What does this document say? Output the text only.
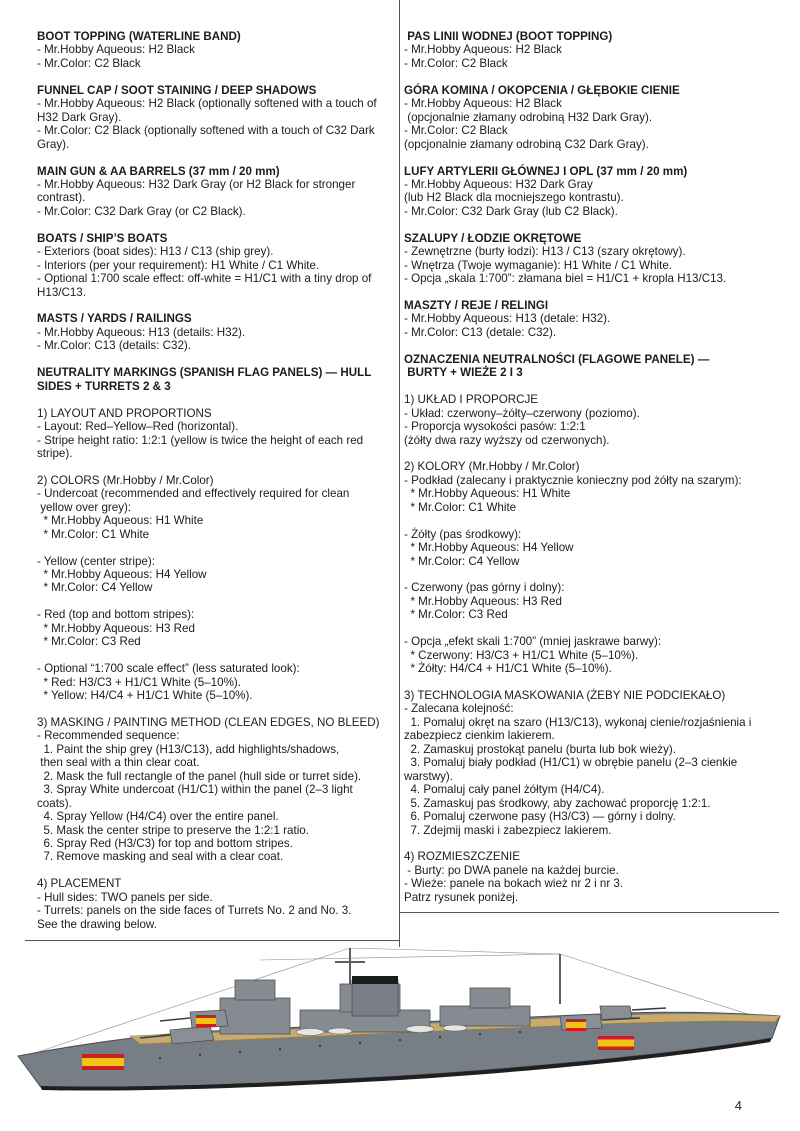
BOOT TOPPING (WATERLINE BAND)
- Mr.Hobby Aqueous: H2 Black
- Mr.Color: C2 Black
FUNNEL CAP / SOOT STAINING / DEEP SHADOWS
- Mr.Hobby Aqueous: H2 Black (optionally softened with a touch of
H32 Dark Gray).
- Mr.Color: C2 Black (optionally softened with a touch of C32 Dark
Gray).
MAIN GUN & AA BARRELS (37 mm / 20 mm)
- Mr.Hobby Aqueous: H32 Dark Gray (or H2 Black for stronger
contrast).
- Mr.Color: C32 Dark Gray (or C2 Black).
BOATS / SHIP’S BOATS
- Exteriors (boat sides): H13 / C13 (ship grey).
- Interiors (per your requirement): H1 White / C1 White.
- Optional 1:700 scale effect: off-white = H1/C1 with a tiny drop of
H13/C13.
MASTS / YARDS / RAILINGS
- Mr.Hobby Aqueous: H13 (details: H32).
- Mr.Color: C13 (details: C32).
NEUTRALITY MARKINGS (SPANISH FLAG PANELS) — HULL
SIDES + TURRETS 2 & 3
1) LAYOUT AND PROPORTIONS
- Layout: Red–Yellow–Red (horizontal).
- Stripe height ratio: 1:2:1 (yellow is twice the height of each red
stripe).
2) COLORS (Mr.Hobby / Mr.Color)
- Undercoat (recommended and effectively required for clean
yellow over grey):
* Mr.Hobby Aqueous: H1 White
* Mr.Color: C1 White
- Yellow (center stripe):
* Mr.Hobby Aqueous: H4 Yellow
* Mr.Color: C4 Yellow
- Red (top and bottom stripes):
* Mr.Hobby Aqueous: H3 Red
* Mr.Color: C3 Red
- Optional “1:700 scale effect” (less saturated look):
* Red: H3/C3 + H1/C1 White (5–10%).
* Yellow: H4/C4 + H1/C1 White (5–10%).
3) MASKING / PAINTING METHOD (CLEAN EDGES, NO BLEED)
- Recommended sequence:
1. Paint the ship grey (H13/C13), add highlights/shadows,
then seal with a thin clear coat.
2. Mask the full rectangle of the panel (hull side or turret side).
3. Spray White undercoat (H1/C1) within the panel (2–3 light
coats).
4. Spray Yellow (H4/C4) over the entire panel.
5. Mask the center stripe to preserve the 1:2:1 ratio.
6. Spray Red (H3/C3) for top and bottom stripes.
7. Remove masking and seal with a clear coat.
4) PLACEMENT
- Hull sides: TWO panels per side.
- Turrets: panels on the side faces of Turrets No. 2 and No. 3.
See the drawing below.
PAS LINII WODNEJ (BOOT TOPPING)
- Mr.Hobby Aqueous: H2 Black
- Mr.Color: C2 Black
GÓRA KOMINA / OKOPCENIA / GŁĘBOKIE CIENIE
- Mr.Hobby Aqueous: H2 Black
(opcjonalnie złamany odrobiną H32 Dark Gray).
- Mr.Color: C2 Black
(opcjonalnie złamany odrobiną C32 Dark Gray).
LUFY ARTYLERII GŁÓWNEJ I OPL (37 mm / 20 mm)
- Mr.Hobby Aqueous: H32 Dark Gray
(lub H2 Black dla mocniejszego kontrastu).
- Mr.Color: C32 Dark Gray (lub C2 Black).
SZALUPY / ŁODZIE OKRĘTOWE
- Zewnętrzne (burty łodzi): H13 / C13 (szary okrętowy).
- Wnętrza (Twoje wymaganie): H1 White / C1 White.
- Opcja „skala 1:700”: złamana biel = H1/C1 + kropla H13/C13.
MASZTY / REJE / RELINGI
- Mr.Hobby Aqueous: H13 (detale: H32).
- Mr.Color: C13 (detale: C32).
OZNACZENIA NEUTRALNOŚCI (FLAGOWE PANELE) —
BURTY + WIEŻE 2 I 3
1) UKŁAD I PROPORCJE
- Układ: czerwony–żółty–czerwony (poziomo).
- Proporcja wysokości pasów: 1:2:1
(żółty dwa razy wyższy od czerwonych).
2) KOLORY (Mr.Hobby / Mr.Color)
- Podkład (zalecany i praktycznie konieczny pod żółty na szarym):
* Mr.Hobby Aqueous: H1 White
* Mr.Color: C1 White
- Żółty (pas środkowy):
* Mr.Hobby Aqueous: H4 Yellow
* Mr.Color: C4 Yellow
- Czerwony (pas górny i dolny):
* Mr.Hobby Aqueous: H3 Red
* Mr.Color: C3 Red
- Opcja „efekt skali 1:700” (mniej jaskrawe barwy):
* Czerwony: H3/C3 + H1/C1 White (5–10%).
* Żółty: H4/C4 + H1/C1 White (5–10%).
3) TECHNOLOGIA MASKOWANIA (ŻEBY NIE PODCIEKAŁO)
- Zalecana kolejność:
1. Pomaluj okręt na szaro (H13/C13), wykonaj cienie/rozjaśnienia i
zabezpiecz cienkim lakierem.
2. Zamaskuj prostokąt panelu (burta lub bok wieży).
3. Pomaluj biały podkład (H1/C1) w obrębie panelu (2–3 cienkie
warstwy).
4. Pomaluj cały panel żółtym (H4/C4).
5. Zamaskuj pas środkowy, aby zachować proporcję 1:2:1.
6. Pomaluj czerwone pasy (H3/C3) — górny i dolny.
7. Zdejmij maski i zabezpiecz lakierem.
4) ROZMIESZCZENIE
- Burty: po DWA panele na każdej burcie.
- Wieże: panele na bokach wież nr 2 i nr 3.
Patrz rysunek poniżej.
4
